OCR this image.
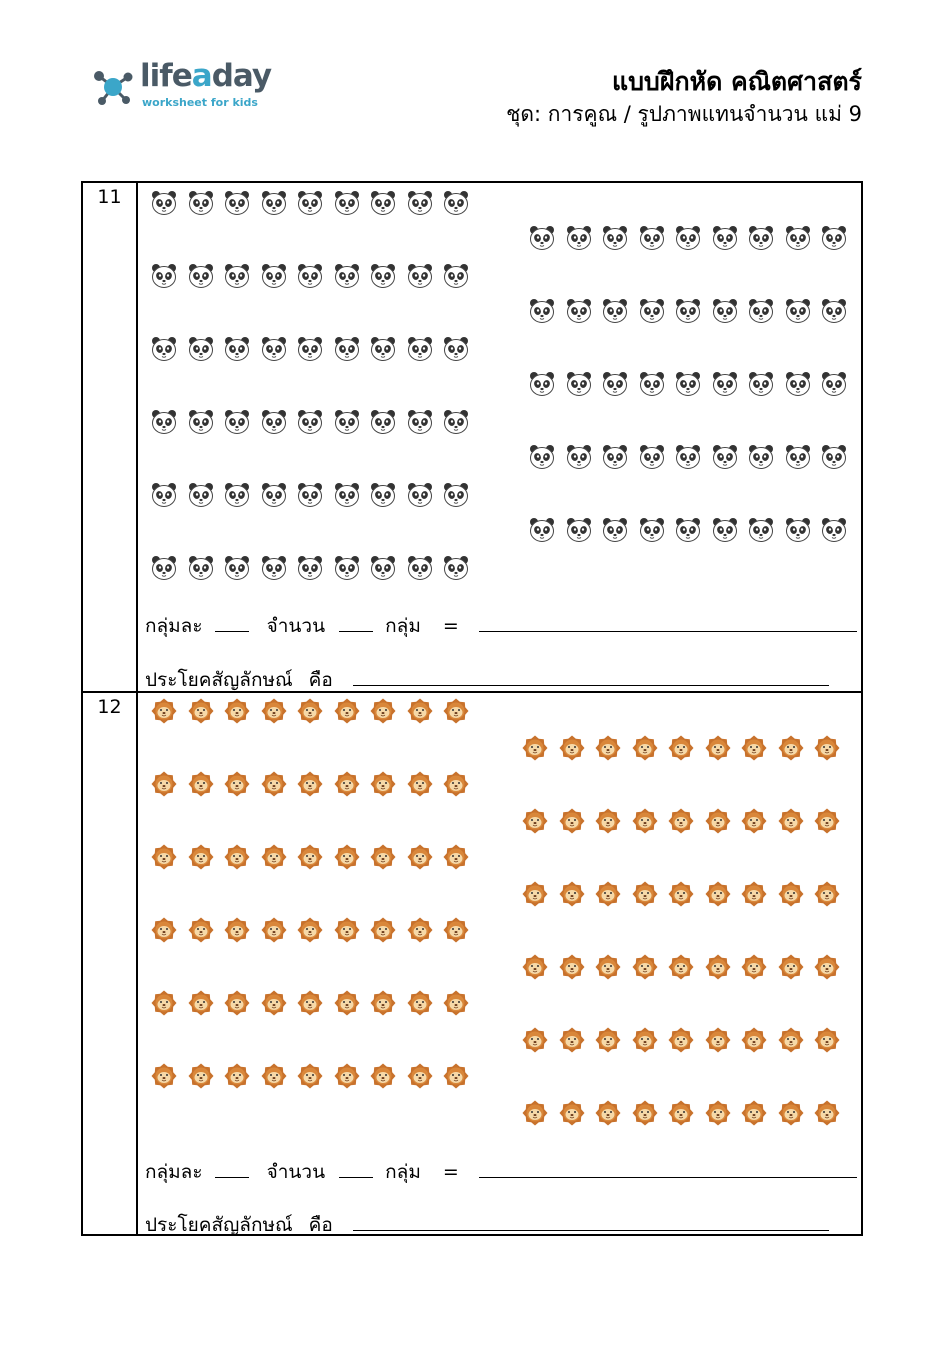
lifeaday
worksheet for kids
แบบฝึกหัด คณิตศาสตร์
ชุด: การคูณ / รูปภาพแทนจำนวน แม่ 9
11
กลุ่มละ	จำนวน	กลุ่ม =
ประโยคสัญลักษณ์ คือ
12
กลุ่มละ	จำนวน	กลุ่ม =
ประโยคสัญลักษณ์ คือ
